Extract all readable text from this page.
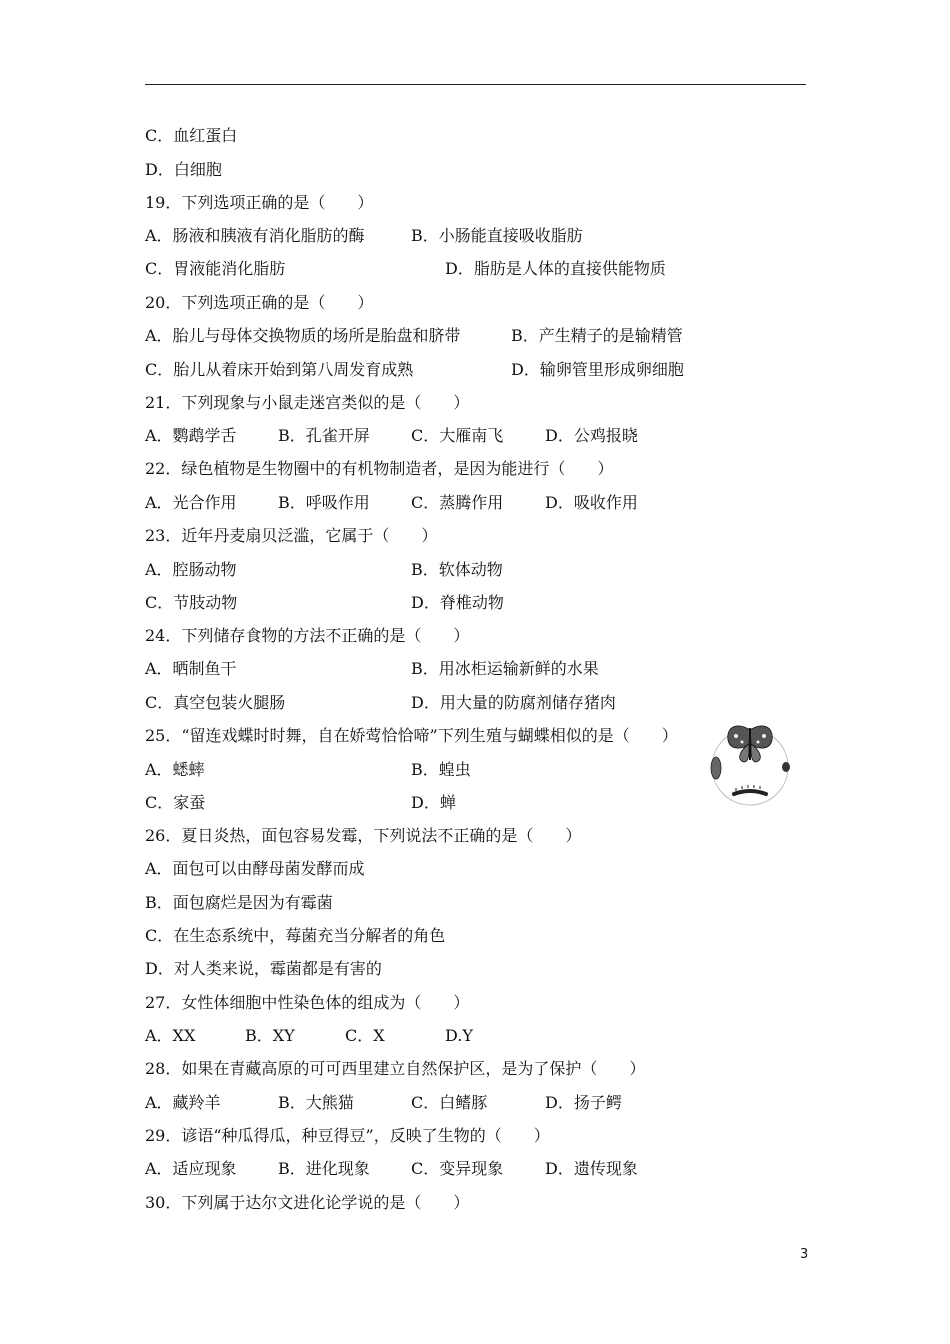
C．血红蛋白
D．白细胞
19．下列选项正确的是（　　）
A．肠液和胰液有消化脂肪的酶	B．小肠能直接吸收脂肪
C．胃液能消化脂肪	D．脂肪是人体的直接供能物质
20．下列选项正确的是（　　）
A．胎儿与母体交换物质的场所是胎盘和脐带	B．产生精子的是输精管
C．胎儿从着床开始到第八周发育成熟	D．输卵管里形成卵细胞
21．下列现象与小鼠走迷宫类似的是（　　）
A．鹦鹉学舌	B．孔雀开屏	C．大雁南飞	D．公鸡报晓
22．绿色植物是生物圈中的有机物制造者，是因为能进行（　　）
A．光合作用	B．呼吸作用	C．蒸腾作用	D．吸收作用
23．近年丹麦扇贝泛滥，它属于（　　）
A．腔肠动物	B．软体动物
C．节肢动物	D．脊椎动物
24．下列储存食物的方法不正确的是（　　）
A．晒制鱼干	B．用冰柜运输新鲜的水果
C．真空包装火腿肠	D．用大量的防腐剂储存猪肉
25．“留连戏蝶时时舞，自在娇莺恰恰啼”下列生殖与蝴蝶相似的是（　　）
A．蟋蟀	B．蝗虫
C．家蚕	D．蝉
26．夏日炎热，面包容易发霉，下列说法不正确的是（　　）
A．面包可以由酵母菌发酵而成
B．面包腐烂是因为有霉菌
C．在生态系统中，莓菌充当分解者的角色
D．对人类来说，霉菌都是有害的
27．女性体细胞中性染色体的组成为（　　）
A．XX	B．XY	C．X	D.Y
28．如果在青藏高原的可可西里建立自然保护区，是为了保护（　　）
A．藏羚羊	B．大熊猫	C．白鳍豚	D．扬子鳄
29．谚语“种瓜得瓜，种豆得豆”，反映了生物的（　　）
A．适应现象	B．进化现象	C．变异现象	D．遗传现象
30．下列属于达尔文进化论学说的是（　　）
3
